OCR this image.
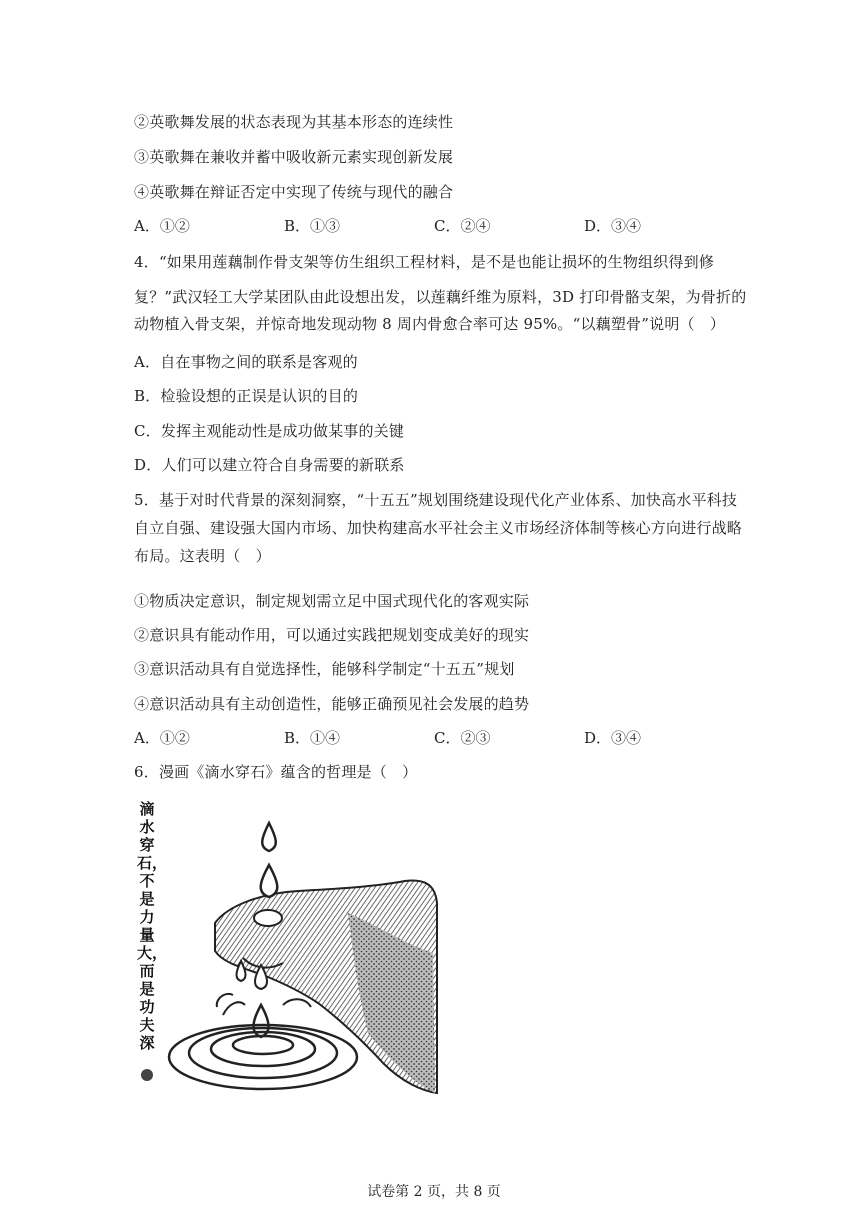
②英歌舞发展的状态表现为其基本形态的连续性
③英歌舞在兼收并蓄中吸收新元素实现创新发展
④英歌舞在辩证否定中实现了传统与现代的融合
A．①②	B．①③	C．②④	D．③④
4．“如果用莲藕制作骨支架等仿生组织工程材料，是不是也能让损坏的生物组织得到修
复？”武汉轻工大学某团队由此设想出发，以莲藕纤维为原料，3D 打印骨骼支架，为骨折的
动物植入骨支架，并惊奇地发现动物 8 周内骨愈合率可达 95%。“以藕塑骨”说明（　）
A．自在事物之间的联系是客观的
B．检验设想的正误是认识的目的
C．发挥主观能动性是成功做某事的关键
D．人们可以建立符合自身需要的新联系
5．基于对时代背景的深刻洞察，“十五五”规划围绕建设现代化产业体系、加快高水平科技
自立自强、建设强大国内市场、加快构建高水平社会主义市场经济体制等核心方向进行战略
布局。这表明（　）
①物质决定意识，制定规划需立足中国式现代化的客观实际
②意识具有能动作用，可以通过实践把规划变成美好的现实
③意识活动具有自觉选择性，能够科学制定“十五五”规划
④意识活动具有主动创造性，能够正确预见社会发展的趋势
A．①②	B．①④	C．②③	D．③④
6．漫画《滴水穿石》蕴含的哲理是（　）
滴水穿石，不是力量大，而是功夫深
试卷第 2 页，共 8 页
